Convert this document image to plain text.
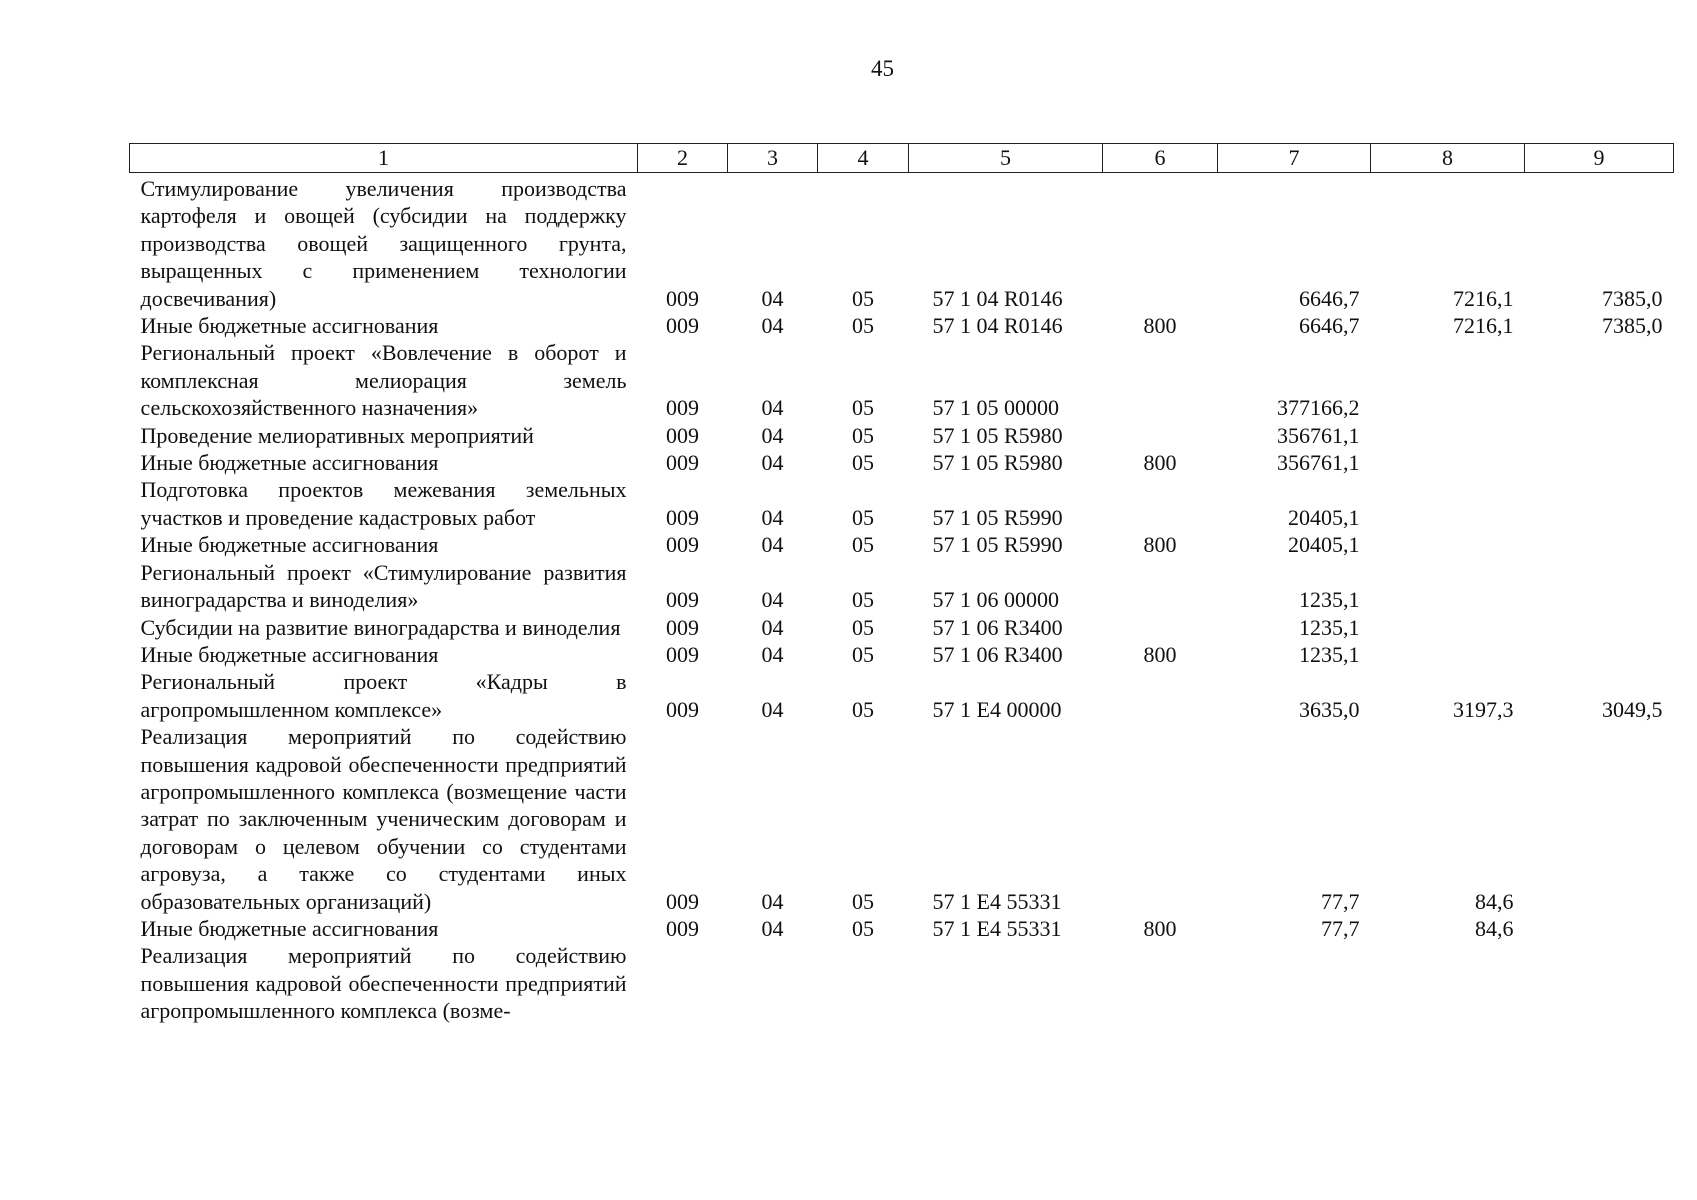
45
1	2	3	4	5	6	7	8	9
Стимулирование увеличения производства картофеля и овощей (субсидии на поддержку производства овощей защищенного грунта, выращенных с применением технологии досвечивания)	009	04	05	57 1 04 R0146		6646,7	7216,1	7385,0
Иные бюджетные ассигнования	009	04	05	57 1 04 R0146	800	6646,7	7216,1	7385,0
Региональный проект «Вовлечение в оборот и комплексная мелиорация земель сельскохозяйственного назначения»	009	04	05	57 1 05 00000		377166,2		
Проведение мелиоративных мероприятий	009	04	05	57 1 05 R5980		356761,1		
Иные бюджетные ассигнования	009	04	05	57 1 05 R5980	800	356761,1		
Подготовка проектов межевания земельных участков и проведение кадастровых работ	009	04	05	57 1 05 R5990		20405,1		
Иные бюджетные ассигнования	009	04	05	57 1 05 R5990	800	20405,1		
Региональный проект «Стимулирование развития виноградарства и виноделия»	009	04	05	57 1 06 00000		1235,1		
Субсидии на развитие виноградарства и виноделия	009	04	05	57 1 06 R3400		1235,1		
Иные бюджетные ассигнования	009	04	05	57 1 06 R3400	800	1235,1		
Региональный проект «Кадры в агропромышленном комплексе»	009	04	05	57 1 E4 00000		3635,0	3197,3	3049,5
Реализация мероприятий по содействию повышения кадровой обеспеченности предприятий агропромышленного комплекса (возмещение части затрат по заключенным ученическим договорам и договорам о целевом обучении со студентами агровуза, а также со студентами иных образовательных организаций)	009	04	05	57 1 E4 55331		77,7	84,6	
Иные бюджетные ассигнования	009	04	05	57 1 E4 55331	800	77,7	84,6	
Реализация мероприятий по содействию повышения кадровой обеспеченности предприятий агропромышленного комплекса (возме-								
